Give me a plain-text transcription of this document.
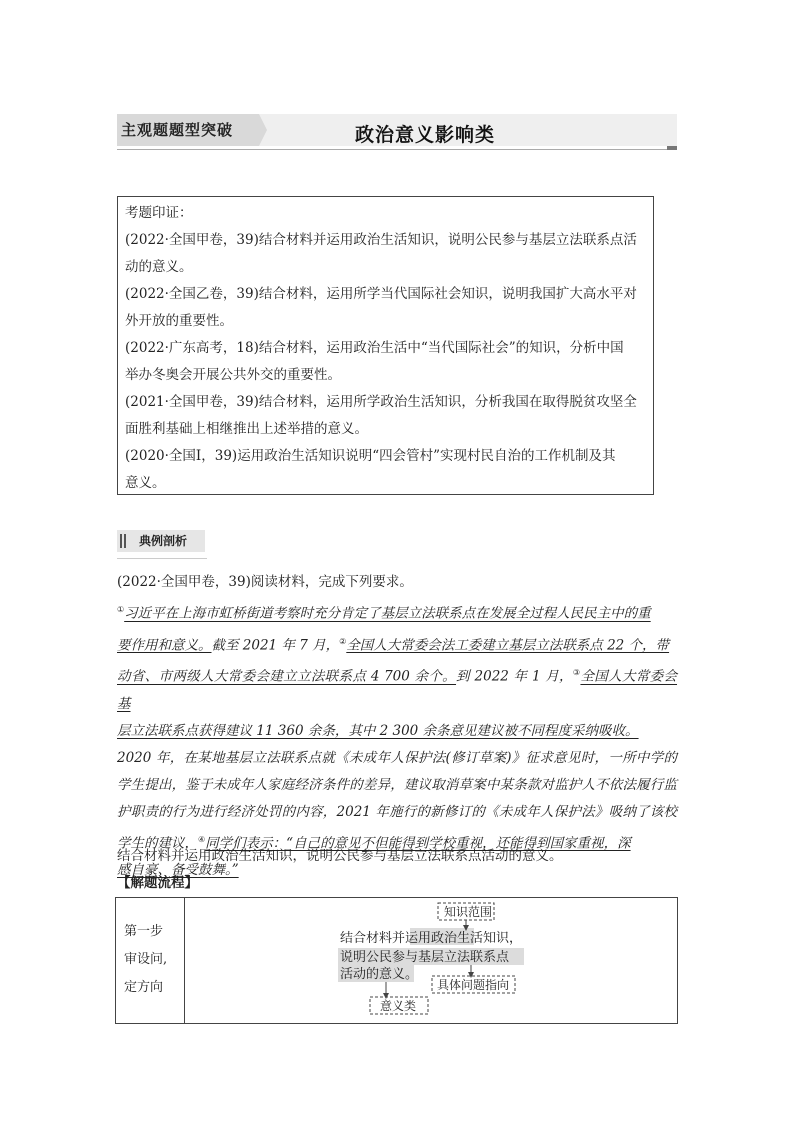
主观题题型突破	政治意义影响类

考题印证：

(2022·全国甲卷，39)结合材料并运用政治生活知识，说明公民参与基层立法联系点活

动的意义。

(2022·全国乙卷，39)结合材料，运用所学当代国际社会知识，说明我国扩大高水平对

外开放的重要性。

(2022·广东高考，18)结合材料，运用政治生活中“当代国际社会”的知识，分析中国

举办冬奥会开展公共外交的重要性。

(2021·全国甲卷，39)结合材料，运用所学政治生活知识，分析我国在取得脱贫攻坚全

面胜利基础上相继推出上述举措的意义。

(2020·全国Ⅰ，39)运用政治生活知识说明“四会管村”实现村民自治的工作机制及其

意义。

典例剖析
(2022·全国甲卷，39)阅读材料，完成下列要求。

①习近平在上海市虹桥街道考察时充分肯定了基层立法联系点在发展全过程人民民主中的重
要作用和意义。截至 2021 年 7 月，②全国人大常委会法工委建立基层立法联系点 22 个，带
动省、市两级人大常委会建立立法联系点 4 700 余个。到 2022 年 1 月，③全国人大常委会基
层立法联系点获得建议 11 360 余条，其中 2 300 余条意见建议被不同程度采纳吸收。

2020 年，在某地基层立法联系点就《未成年人保护法(修订草案)》征求意见时，一所中学的学生提出，鉴于未成年人家庭经济条件的差异，建议取消草案中某条款对监护人不依法履行监护职责的行为进行经济处罚的内容，2021 年施行的新修订的《未成年人保护法》吸纳了该校学生的建议，④同学们表示：“自己的意见不但能得到学校重视，还能得到国家重视，深
感自豪、备受鼓舞。”

结合材料并运用政治生活知识，说明公民参与基层立法联系点活动的意义。
【解题流程】
第一步
审设问,
定方向
结合材料并运用政治生活知识，
说明公民参与基层立法联系点
活动的意义。
知识范围
具体问题指向
意义类
